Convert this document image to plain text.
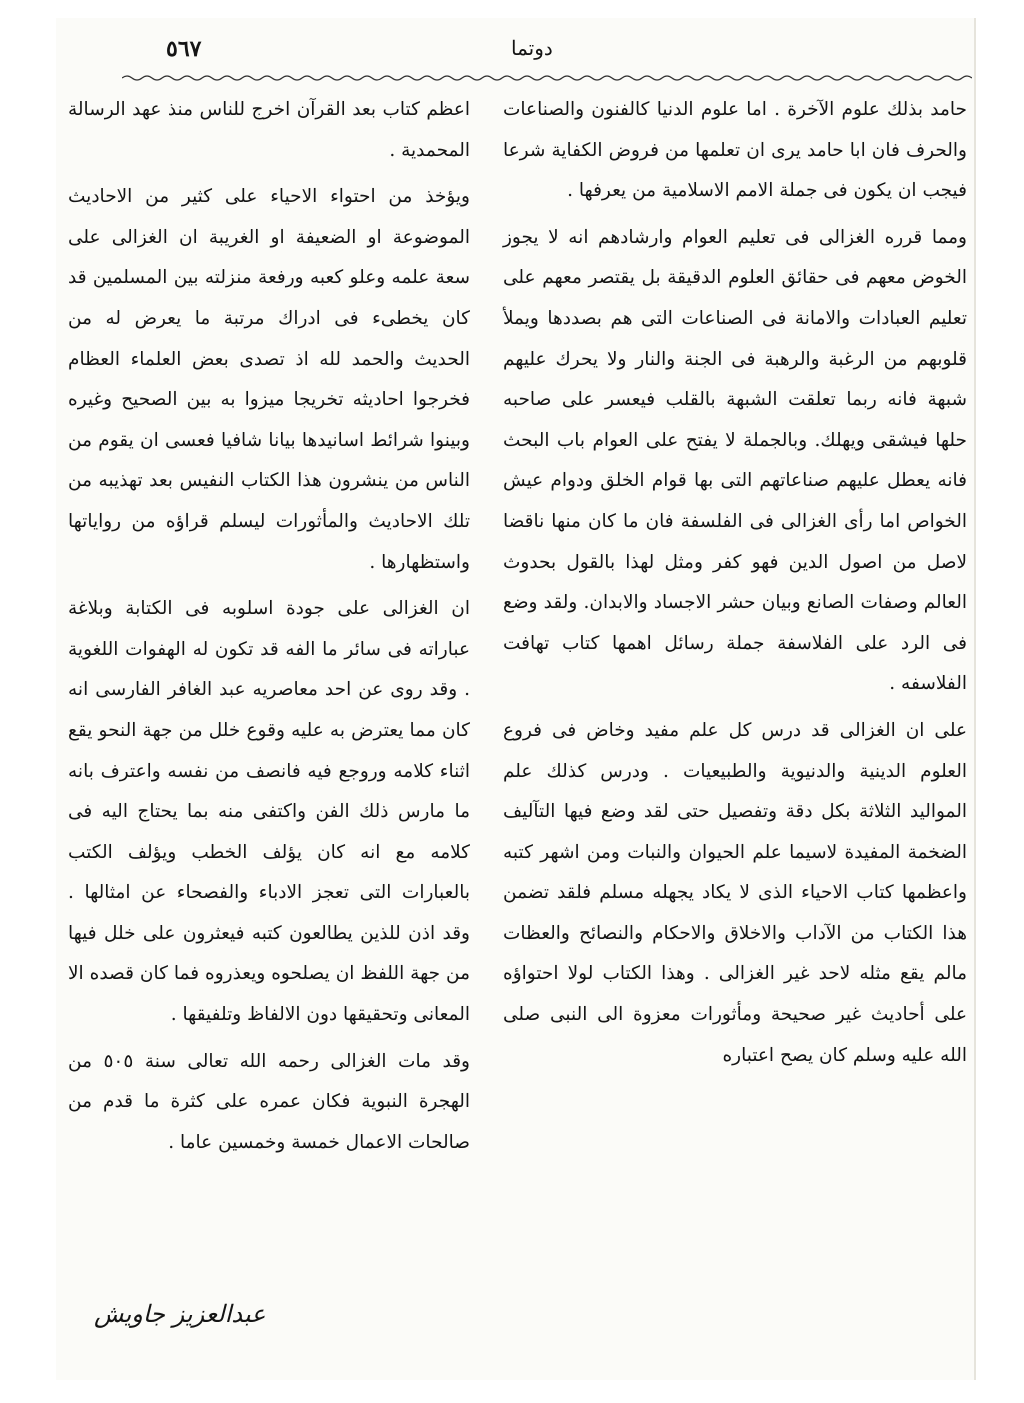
٥٦٧	دوتما

حامد بذلك علوم الآخرة . اما علوم الدنيا كالفنون والصناعات والحرف فان ابا حامد يرى ان تعلمها من فروض الكفاية شرعا فيجب ان يكون فى جملة الامم الاسلامية من يعرفها .

ومما قرره الغزالى فى تعليم العوام وارشادهم انه لا يجوز الخوض معهم فى حقائق العلوم الدقيقة بل يقتصر معهم على تعليم العبادات والامانة فى الصناعات التى هم بصددها ويملأ قلوبهم من الرغبة والرهبة فى الجنة والنار ولا يحرك عليهم شبهة فانه ربما تعلقت الشبهة بالقلب فيعسر على صاحبه حلها فيشقى ويهلك. وبالجملة لا يفتح على العوام باب البحث فانه يعطل عليهم صناعاتهم التى بها قوام الخلق ودوام عيش الخواص اما رأى الغزالى فى الفلسفة فان ما كان منها ناقضا لاصل من اصول الدين فهو كفر ومثل لهذا بالقول بحدوث العالم وصفات الصانع وبيان حشر الاجساد والابدان. ولقد وضع فى الرد على الفلاسفة جملة رسائل اهمها كتاب تهافت الفلاسفه .

على ان الغزالى قد درس كل علم مفيد وخاض فى فروع العلوم الدينية والدنيوية والطبيعيات . ودرس كذلك علم المواليد الثلاثة بكل دقة وتفصيل حتى لقد وضع فيها التآليف الضخمة المفيدة لاسيما علم الحيوان والنبات ومن اشهر كتبه واعظمها كتاب الاحياء الذى لا يكاد يجهله مسلم فلقد تضمن هذا الكتاب من الآداب والاخلاق والاحكام والنصائح والعظات مالم يقع مثله لاحد غير الغزالى . وهذا الكتاب لولا احتواؤه على أحاديث غير صحيحة ومأثورات معزوة الى النبى صلى الله عليه وسلم كان يصح اعتباره

اعظم كتاب بعد القرآن اخرج للناس منذ عهد الرسالة المحمدية .

ويؤخذ من احتواء الاحياء على كثير من الاحاديث الموضوعة او الضعيفة او الغريبة ان الغزالى على سعة علمه وعلو كعبه ورفعة منزلته بين المسلمين قد كان يخطىء فى ادراك مرتبة ما يعرض له من الحديث والحمد لله اذ تصدى بعض العلماء العظام فخرجوا احاديثه تخريجا ميزوا به بين الصحيح وغيره وبينوا شرائط اسانيدها بيانا شافيا فعسى ان يقوم من الناس من ينشرون هذا الكتاب النفيس بعد تهذيبه من تلك الاحاديث والمأثورات ليسلم قراؤه من رواياتها واستظهارها .

ان الغزالى على جودة اسلوبه فى الكتابة وبلاغة عباراته فى سائر ما الفه قد تكون له الهفوات اللغوية . وقد روى عن احد معاصريه عبد الغافر الفارسى انه كان مما يعترض به عليه وقوع خلل من جهة النحو يقع اثناء كلامه وروجع فيه فانصف من نفسه واعترف بانه ما مارس ذلك الفن واكتفى منه بما يحتاج اليه فى كلامه مع انه كان يؤلف الخطب ويؤلف الكتب بالعبارات التى تعجز الادباء والفصحاء عن امثالها . وقد اذن للذين يطالعون كتبه فيعثرون على خلل فيها من جهة اللفظ ان يصلحوه ويعذروه فما كان قصده الا المعانى وتحقيقها دون الالفاظ وتلفيقها .

وقد مات الغزالى رحمه الله تعالى سنة ٥٠٥ من الهجرة النبوية فكان عمره على كثرة ما قدم من صالحات الاعمال خمسة وخمسين عاما .

عبدالعزيز جاويش
